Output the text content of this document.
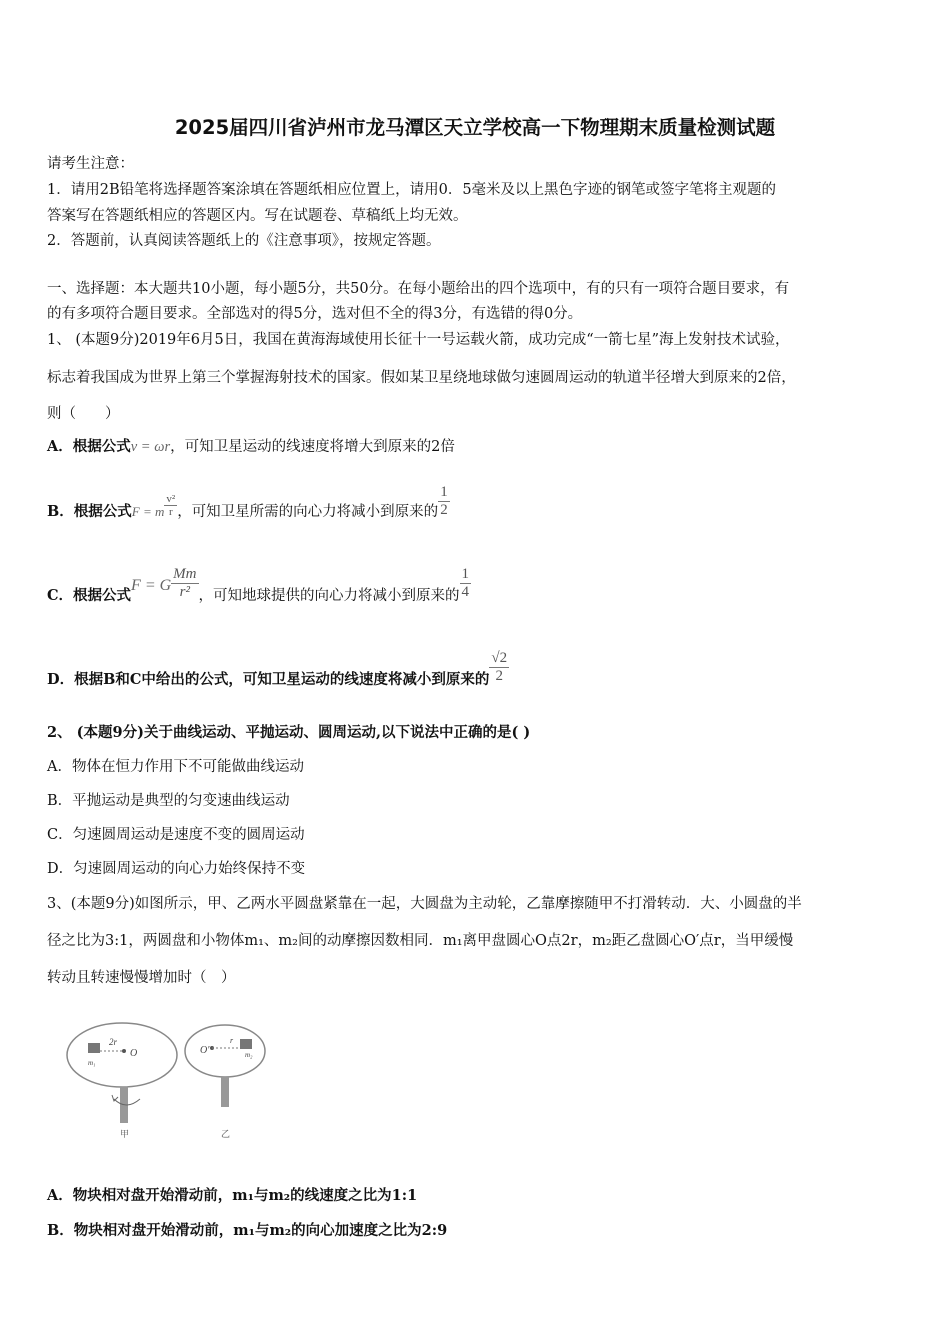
2025届四川省泸州市龙马潭区天立学校高一下物理期末质量检测试题
请考生注意：
1．请用2B铅笔将选择题答案涂填在答题纸相应位置上，请用0．5毫米及以上黑色字迹的钢笔或签字笔将主观题的
答案写在答题纸相应的答题区内。写在试题卷、草稿纸上均无效。
2．答题前，认真阅读答题纸上的《注意事项》，按规定答题。
一、选择题：本大题共10小题，每小题5分，共50分。在每小题给出的四个选项中，有的只有一项符合题目要求，有
的有多项符合题目要求。全部选对的得5分，选对但不全的得3分，有选错的得0分。
1、 (本题9分)2019年6月5日，我国在黄海海域使用长征十一号运载火箭，成功完成“一箭七星”海上发射技术试验，
标志着我国成为世界上第三个掌握海射技术的国家。假如某卫星绕地球做匀速圆周运动的轨道半径增大到原来的2倍，
则（　　）
A．根据公式v = ωr，可知卫星运动的线速度将增大到原来的2倍
B．根据公式F = m $\frac{\text{v²}}{r}$ ，可知卫星所需的向心力将减小到原来的 $\frac{1}{2}$
C．根据公式F = G $\frac{Mm}{\text{r²}}$ ，可知地球提供的向心力将减小到原来的 $\frac{1}{4}$
D．根据B和C中给出的公式，可知卫星运动的线速度将减小到原来的 $\frac{√2}{2}$
2、 (本题9分)关于曲线运动、平抛运动、圆周运动,以下说法中正确的是( )
A．物体在恒力作用下不可能做曲线运动
B．平抛运动是典型的匀变速曲线运动
C．匀速圆周运动是速度不变的圆周运动
D．匀速圆周运动的向心力始终保持不变
3、(本题9分)如图所示，甲、乙两水平圆盘紧靠在一起，大圆盘为主动轮，乙靠摩擦随甲不打滑转动．大、小圆盘的半
径之比为3:1，两圆盘和小物体m₁、m₂间的动摩擦因数相同．m₁离甲盘圆心O点2r，m₂距乙盘圆心O′点r，当甲缓慢
转动且转速慢慢增加时（　）
2r
O
m₁
O′
r
m₂
甲	乙
A．物块相对盘开始滑动前，m₁与m₂的线速度之比为1:1
B．物块相对盘开始滑动前，m₁与m₂的向心加速度之比为2:9
